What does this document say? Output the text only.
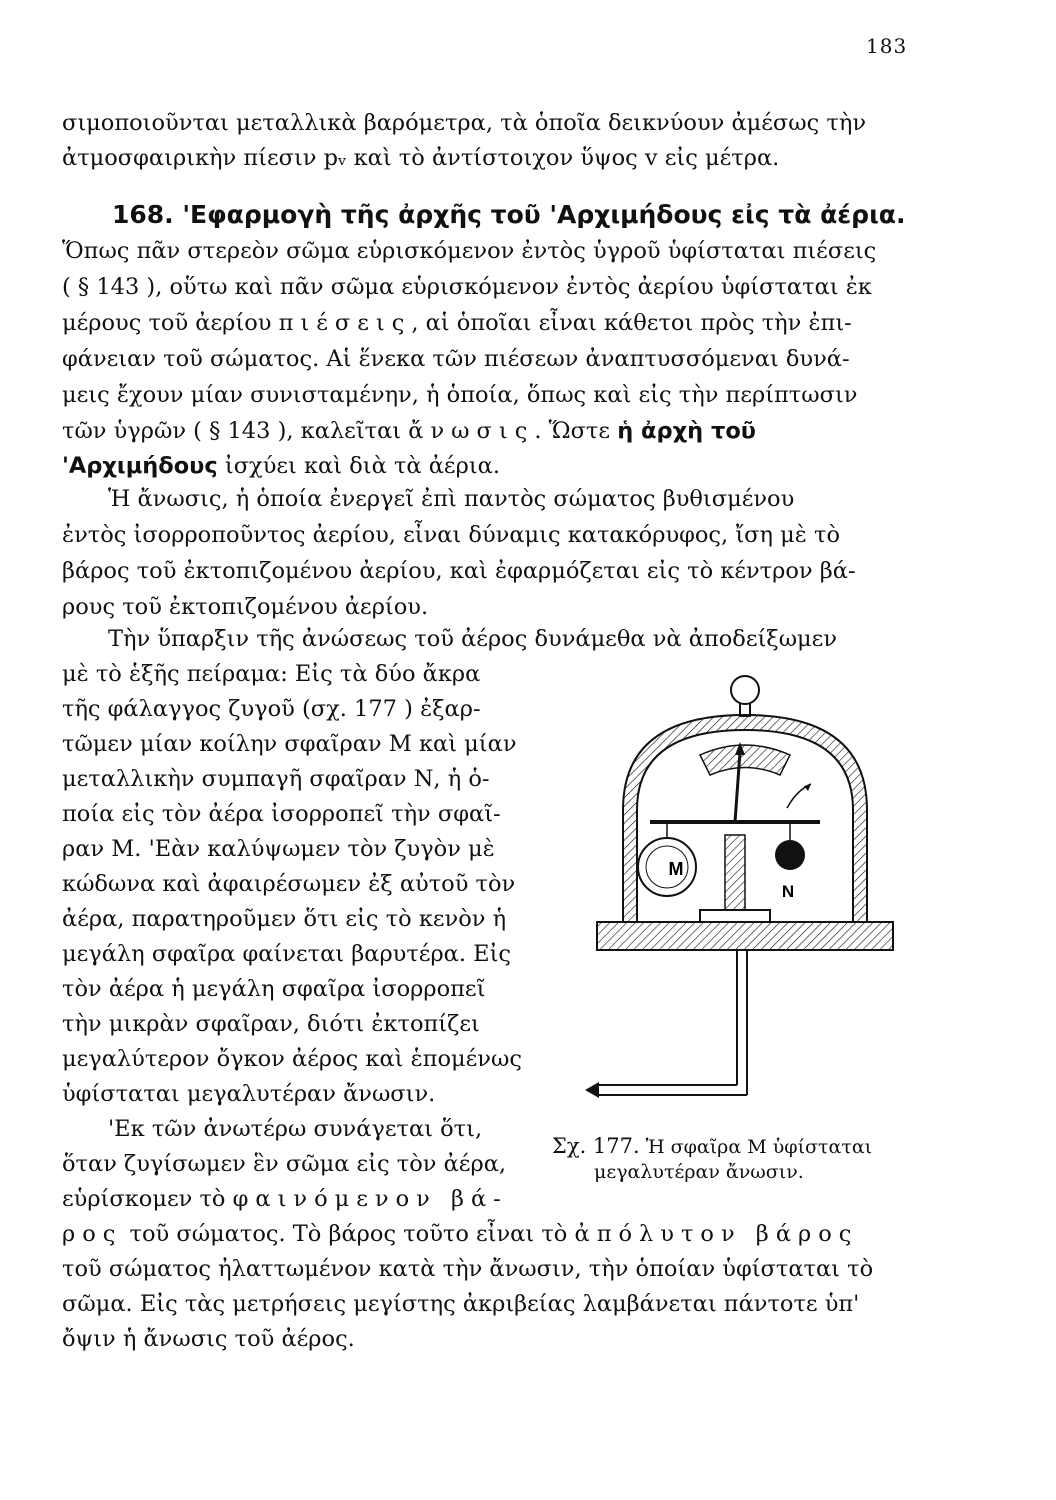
183
σιμοποιοῦνται μεταλλικὰ βαρόμετρα, τὰ ὁποῖα δεικνύουν ἀμέσως τὴν
ἀτμοσφαιρικὴν πίεσιν pᵥ καὶ τὸ ἀντίστοιχον ὕψος v εἰς μέτρα.
168. 'Εφαρμογὴ τῆς ἀρχῆς τοῦ 'Αρχιμήδους εἰς τὰ ἀέρια.
Ὅπως πᾶν στερεὸν σῶμα εὑρισκόμενον ἐντὸς ὑγροῦ ὑφίσταται πιέσεις
( § 143 ), οὕτω καὶ πᾶν σῶμα εὑρισκόμενον ἐντὸς ἀερίου ὑφίσταται ἐκ
μέρους τοῦ ἀερίου πιέσεις, αἱ ὁποῖαι εἶναι κάθετοι πρὸς τὴν ἐπι-
φάνειαν τοῦ σώματος. Αἱ ἕνεκα τῶν πιέσεων ἀναπτυσσόμεναι δυνά-
μεις ἔχουν μίαν συνισταμένην, ἡ ὁποία, ὅπως καὶ εἰς τὴν περίπτωσιν
τῶν ὑγρῶν ( § 143 ), καλεῖται ἄνωσις. Ὥστε ἡ ἀρχὴ τοῦ
'Αρχιμήδους ἰσχύει καὶ διὰ τὰ ἀέρια.
Ἡ ἄνωσις, ἡ ὁποία ἐνεργεῖ ἐπὶ παντὸς σώματος βυθισμένου
ἐντὸς ἰσορροποῦντος ἀερίου, εἶναι δύναμις κατακόρυφος, ἴση μὲ τὸ
βάρος τοῦ ἐκτοπιζομένου ἀερίου, καὶ ἐφαρμόζεται εἰς τὸ κέντρον βά-
ρους τοῦ ἐκτοπιζομένου ἀερίου.
Τὴν ὕπαρξιν τῆς ἀνώσεως τοῦ ἀέρος δυνάμεθα νὰ ἀποδείξωμεν
μὲ τὸ ἑξῆς πείραμα: Εἰς τὰ δύο ἄκρα
τῆς φάλαγγος ζυγοῦ (σχ. 177 ) ἐξαρ-
τῶμεν μίαν κοίλην σφαῖραν Μ καὶ μίαν
μεταλλικὴν συμπαγῆ σφαῖραν Ν, ἡ ὁ-
ποία εἰς τὸν ἀέρα ἰσορροπεῖ τὴν σφαῖ-
ραν Μ. 'Εὰν καλύψωμεν τὸν ζυγὸν μὲ
κώδωνα καὶ ἀφαιρέσωμεν ἐξ αὐτοῦ τὸν
ἀέρα, παρατηροῦμεν ὅτι εἰς τὸ κενὸν ἡ
μεγάλη σφαῖρα φαίνεται βαρυτέρα. Εἰς
τὸν ἀέρα ἡ μεγάλη σφαῖρα ἰσορροπεῖ
τὴν μικρὰν σφαῖραν, διότι ἐκτοπίζει
μεγαλύτερον ὄγκον ἀέρος καὶ ἑπομένως
ὑφίσταται μεγαλυτέραν ἄνωσιν.
'Εκ τῶν ἀνωτέρω συνάγεται ὅτι,
ὅταν ζυγίσωμεν ἓν σῶμα εἰς τὸν ἀέρα,
εὑρίσκομεν τὸ φαινόμενον βά-
ρος τοῦ σώματος. Τὸ βάρος τοῦτο εἶναι τὸ ἀπόλυτον βάρος
τοῦ σώματος ἠλαττωμένον κατὰ τὴν ἄνωσιν, τὴν ὁποίαν ὑφίσταται τὸ
σῶμα. Εἰς τὰς μετρήσεις μεγίστης ἀκριβείας λαμβάνεται πάντοτε ὑπ'
ὄψιν ἡ ἄνωσις τοῦ ἀέρος.
M
N
Σχ. 177. Ἡ σφαῖρα Μ ὑφίσταται
μεγαλυτέραν ἄνωσιν.
